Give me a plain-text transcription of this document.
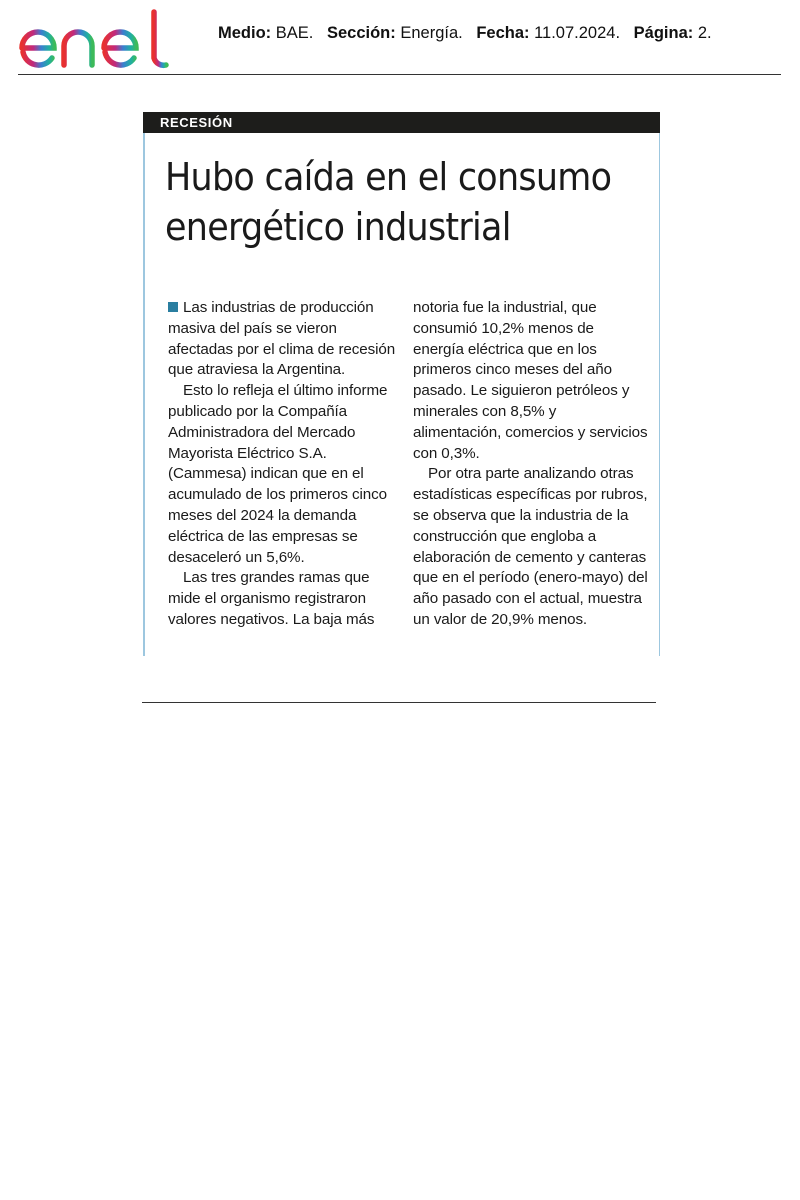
Medio: BAE. Sección: Energía. Fecha: 11.07.2024. Página: 2.
RECESIÓN
Hubo caída en el consumo
energético industrial

Las industrias de producción masiva del país se vieron afectadas por el clima de recesión que atraviesa la Argentina.

Esto lo refleja el último informe publicado por la Compañía Administradora del Mercado Mayorista Eléctrico S.A. (Cammesa) indican que en el acumulado de los primeros cinco meses del 2024 la demanda eléctrica de las empresas se desaceleró un 5,6%.

Las tres grandes ramas que mide el organismo registraron valores negativos. La baja más

notoria fue la industrial, que consumió 10,2% menos de energía eléctrica que en los primeros cinco meses del año pasado. Le siguieron petróleos y minerales con 8,5% y alimentación, comercios y servicios con 0,3%.

Por otra parte analizando otras estadísticas específicas por rubros, se observa que la industria de la construcción que engloba a elaboración de cemento y canteras que en el período (enero-mayo) del año pasado con el actual, muestra un valor de 20,9% menos.
